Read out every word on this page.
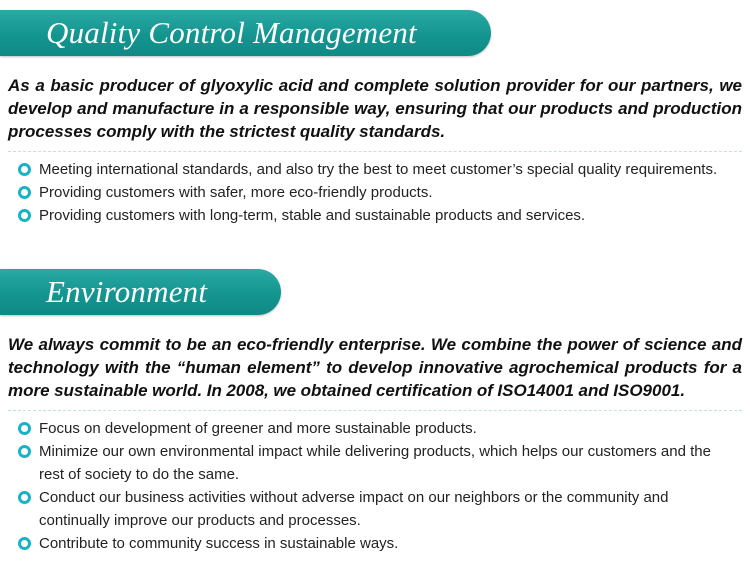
Quality Control Management

As a basic producer of glyoxylic acid and complete solution provider for our partners, we develop and manufacture in a responsible way, ensuring that our products and production processes comply with the strictest quality standards.

Meeting international standards, and also try the best to meet customer’s special quality requirements.
Providing customers with safer, more eco-friendly products.
Providing customers with long-term, stable and sustainable products and services.
Environment

We always commit to be an eco-friendly enterprise. We combine the power of science and technology with the “human element” to develop innovative agrochemical products for a more sustainable world. In 2008, we obtained certification of ISO14001 and ISO9001.

Focus on development of greener and more sustainable products.
Minimize our own environmental impact while delivering products, which helps our customers and the rest of society to do the same.
Conduct our business activities without adverse impact on our neighbors or the community and continually improve our products and processes.
Contribute to community success in sustainable ways.
